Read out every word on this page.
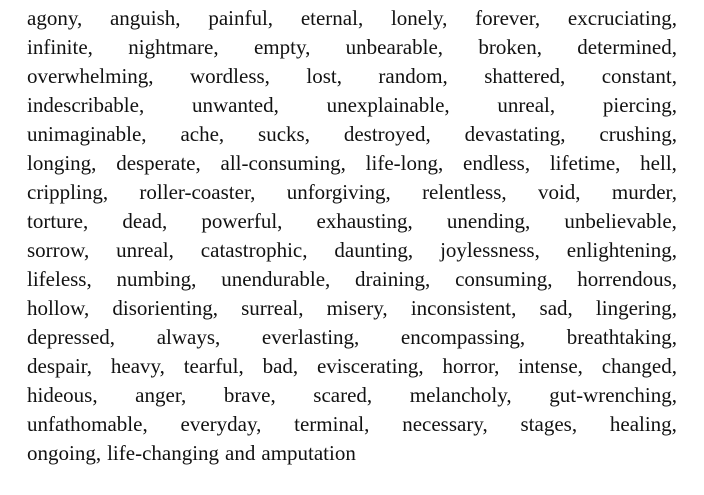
agony, anguish, painful, eternal, lonely, forever, excruciating,
infinite, nightmare, empty, unbearable, broken, determined,
overwhelming, wordless, lost, random, shattered, constant,
indescribable, unwanted, unexplainable, unreal, piercing,
unimaginable, ache, sucks, destroyed, devastating, crushing,
longing, desperate, all-consuming, life-long, endless, lifetime, hell,
crippling, roller-coaster, unforgiving, relentless, void, murder,
torture, dead, powerful, exhausting, unending, unbelievable,
sorrow, unreal, catastrophic, daunting, joylessness, enlightening,
lifeless, numbing, unendurable, draining, consuming, horrendous,
hollow, disorienting, surreal, misery, inconsistent, sad, lingering,
depressed, always, everlasting, encompassing, breathtaking,
despair, heavy, tearful, bad, eviscerating, horror, intense, changed,
hideous, anger, brave, scared, melancholy, gut-wrenching,
unfathomable, everyday, terminal, necessary, stages, healing,
ongoing, life-changing and amputation
